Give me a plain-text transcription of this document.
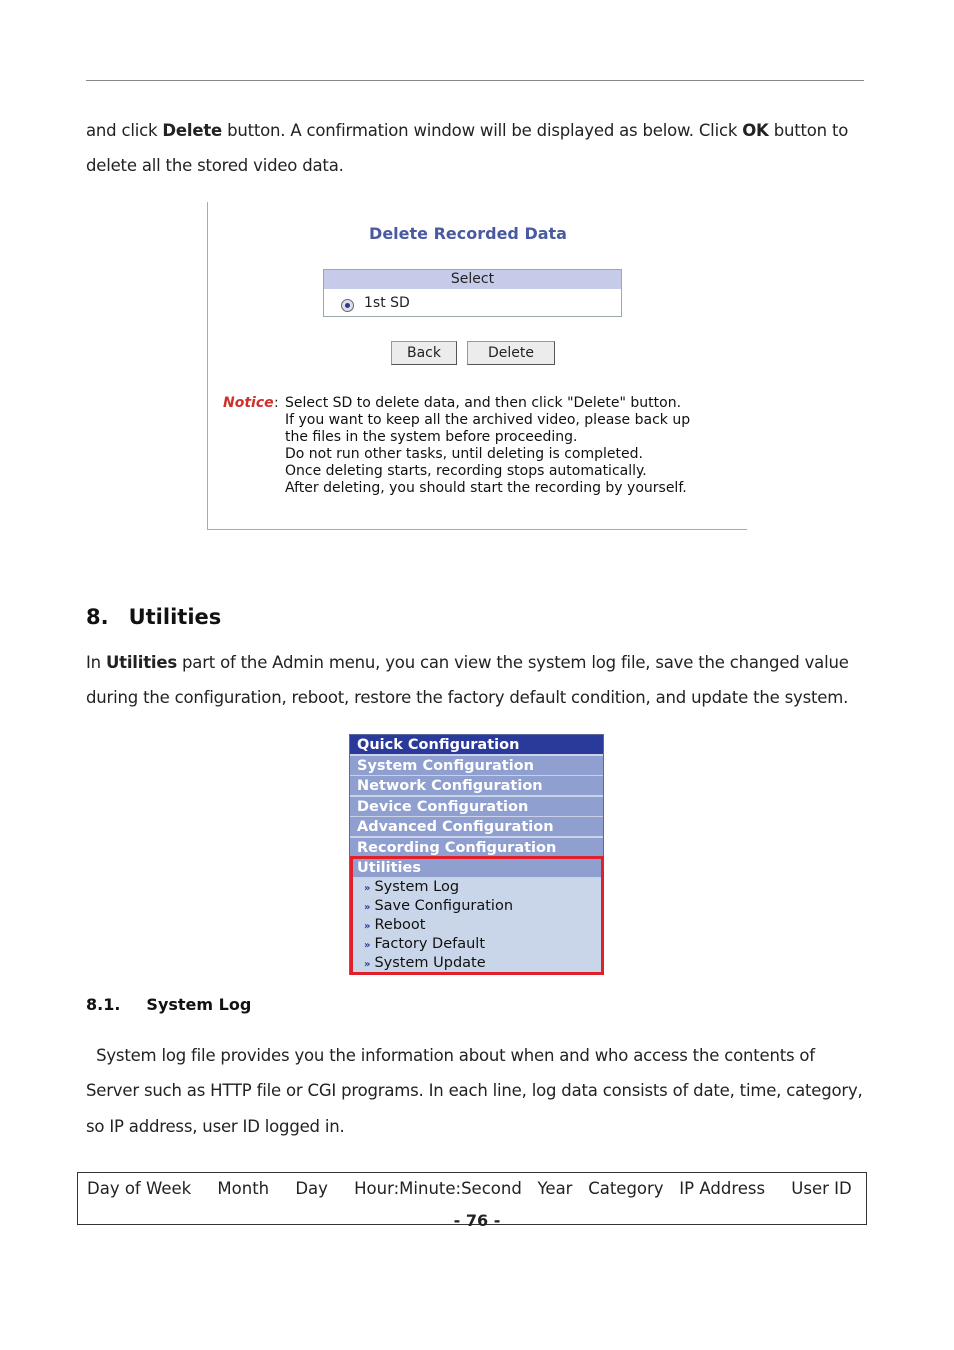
and click Delete button. A confirmation window will be displayed as below. Click OK button to
delete all the stored video data.
Delete Recorded Data
Select
1st SD
Back	Delete
Notice : Select SD to delete data, and then click "Delete" button.
If you want to keep all the archived video, please back up
the files in the system before proceeding.
Do not run other tasks, until deleting is completed.
Once deleting starts, recording stops automatically.
After deleting, you should start the recording by yourself.
8. Utilities
In Utilities part of the Admin menu, you can view the system log file, save the changed value
during the configuration, reboot, restore the factory default condition, and update the system.
Quick Configuration
System Configuration
Network Configuration
Device Configuration
Advanced Configuration
Recording Configuration
Utilities
» System Log
» Save Configuration
» Reboot
» Factory Default
» System Update
8.1. System Log
System log file provides you the information about when and who access the contents of
Server such as HTTP file or CGI programs. In each line, log data consists of date, time, category,
so IP address, user ID logged in.
Day of Week     Month     Day     Hour:Minute:Second   Year   Category   IP Address     User ID
- 76 -
